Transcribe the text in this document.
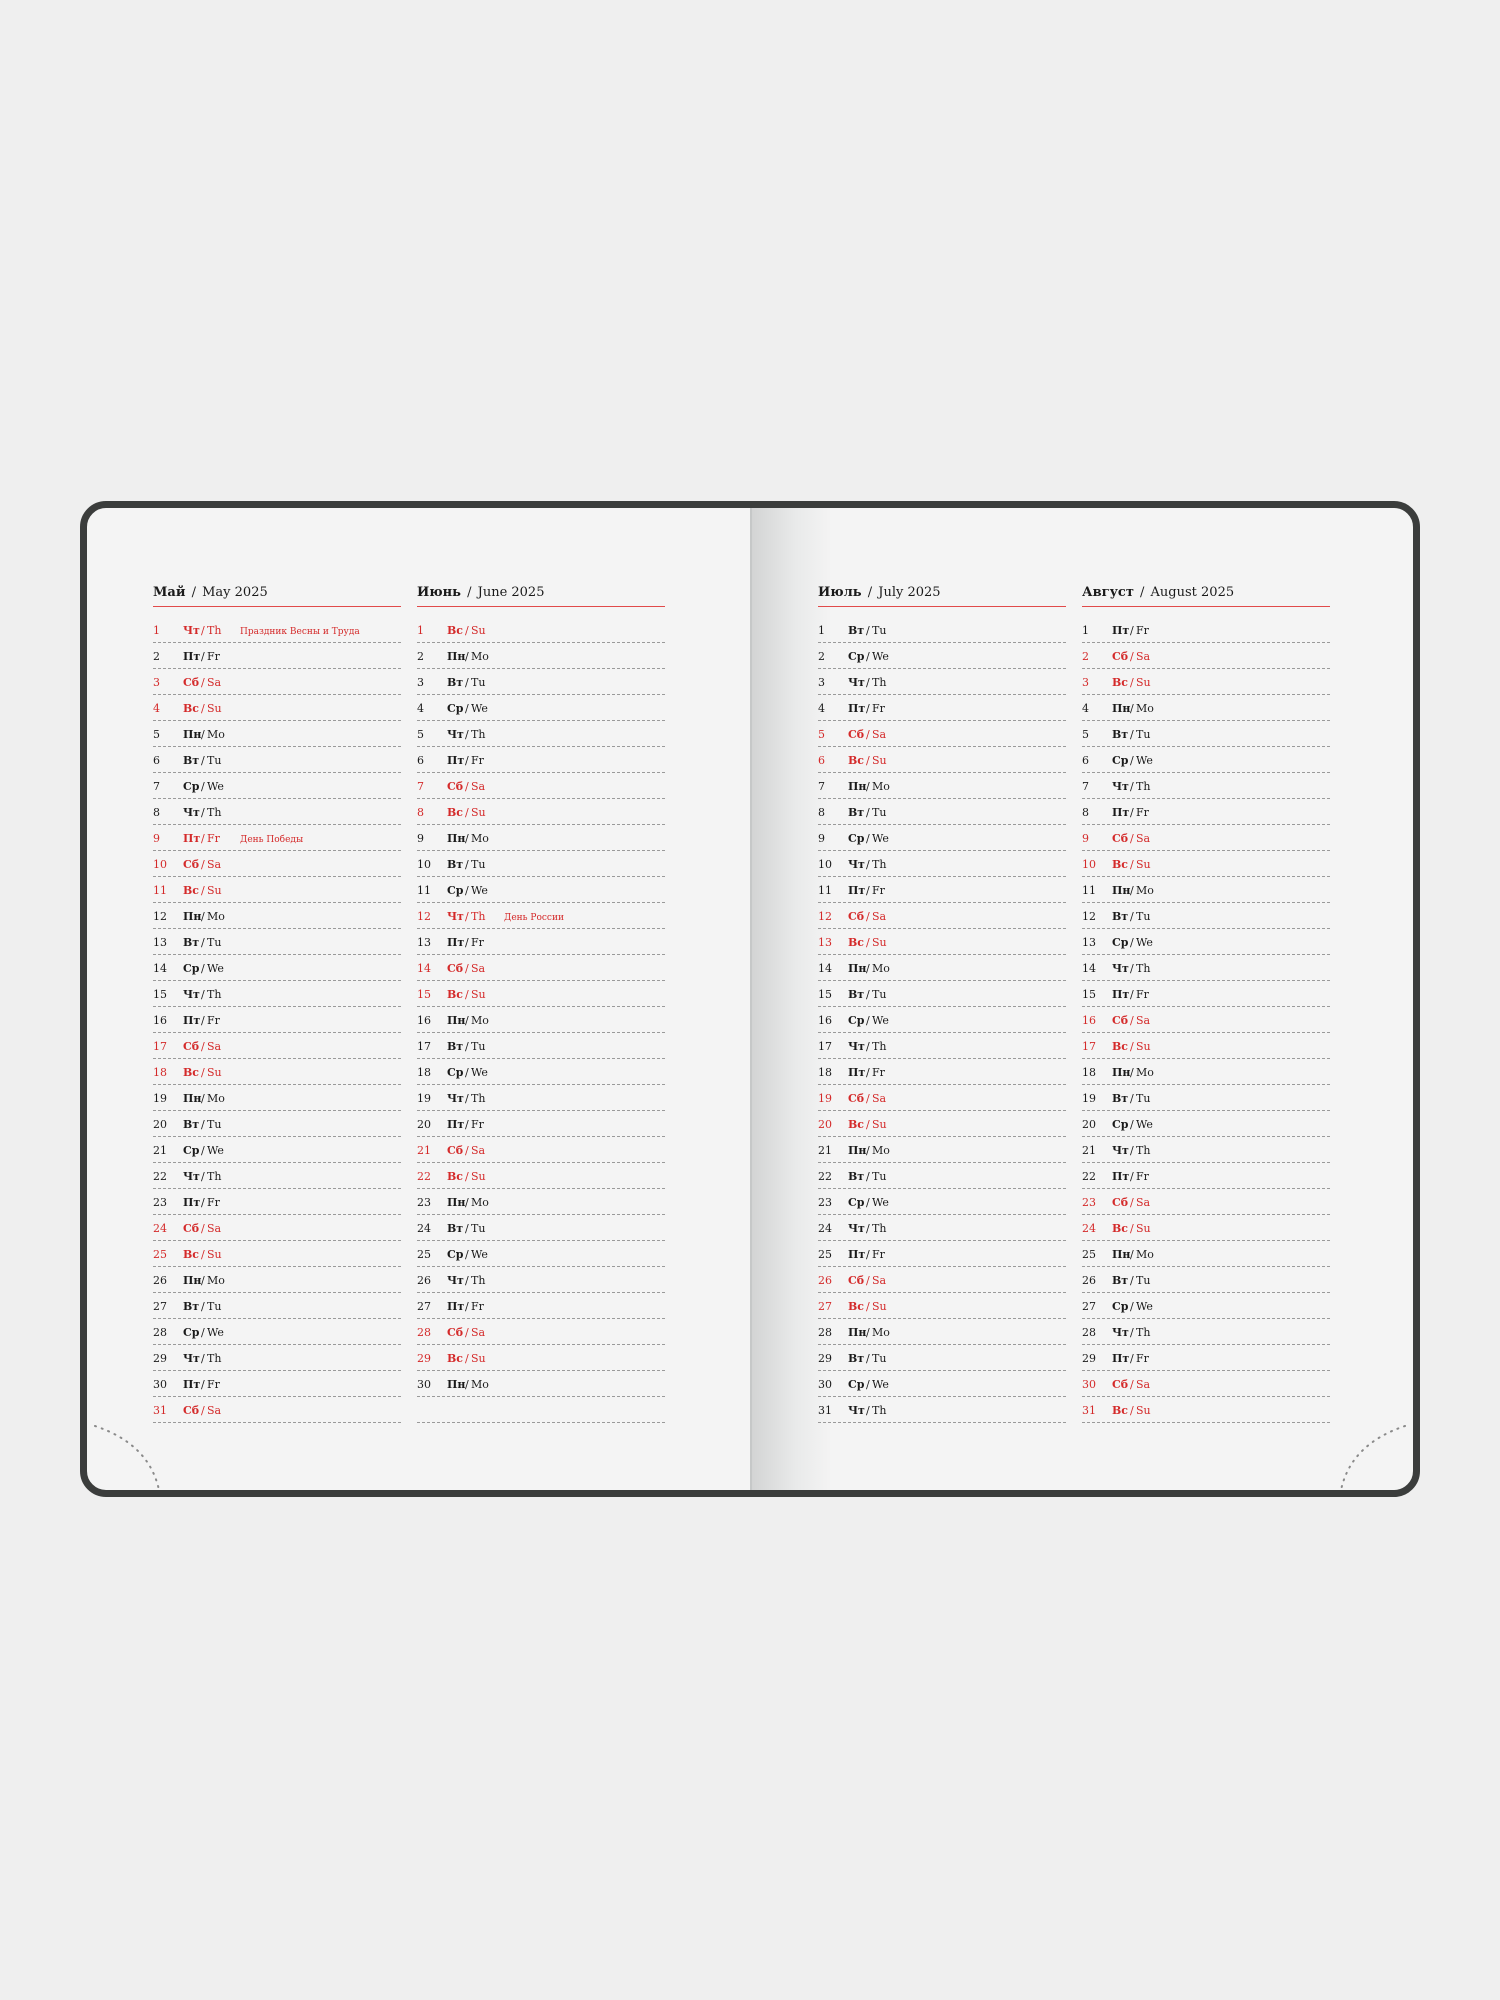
Май / May 2025
1 Чт / Th Праздник Весны и Труда
2 Пт / Fr
3 Сб / Sa
4 Вс / Su
5 Пн / Mo
6 Вт / Tu
7 Ср / We
8 Чт / Th
9 Пт / Fr День Победы
10 Сб / Sa
11 Вс / Su
12 Пн / Mo
13 Вт / Tu
14 Ср / We
15 Чт / Th
16 Пт / Fr
17 Сб / Sa
18 Вс / Su
19 Пн / Mo
20 Вт / Tu
21 Ср / We
22 Чт / Th
23 Пт / Fr
24 Сб / Sa
25 Вс / Su
26 Пн / Mo
27 Вт / Tu
28 Ср / We
29 Чт / Th
30 Пт / Fr
31 Сб / Sa
Июнь / June 2025
1 Вс / Su
2 Пн / Mo
3 Вт / Tu
4 Ср / We
5 Чт / Th
6 Пт / Fr
7 Сб / Sa
8 Вс / Su
9 Пн / Mo
10 Вт / Tu
11 Ср / We
12 Чт / Th День России
13 Пт / Fr
14 Сб / Sa
15 Вс / Su
16 Пн / Mo
17 Вт / Tu
18 Ср / We
19 Чт / Th
20 Пт / Fr
21 Сб / Sa
22 Вс / Su
23 Пн / Mo
24 Вт / Tu
25 Ср / We
26 Чт / Th
27 Пт / Fr
28 Сб / Sa
29 Вс / Su
30 Пн / Mo
Июль / July 2025
1 Вт / Tu
2 Ср / We
3 Чт / Th
4 Пт / Fr
5 Сб / Sa
6 Вс / Su
7 Пн / Mo
8 Вт / Tu
9 Ср / We
10 Чт / Th
11 Пт / Fr
12 Сб / Sa
13 Вс / Su
14 Пн / Mo
15 Вт / Tu
16 Ср / We
17 Чт / Th
18 Пт / Fr
19 Сб / Sa
20 Вс / Su
21 Пн / Mo
22 Вт / Tu
23 Ср / We
24 Чт / Th
25 Пт / Fr
26 Сб / Sa
27 Вс / Su
28 Пн / Mo
29 Вт / Tu
30 Ср / We
31 Чт / Th
Август / August 2025
1 Пт / Fr
2 Сб / Sa
3 Вс / Su
4 Пн / Mo
5 Вт / Tu
6 Ср / We
7 Чт / Th
8 Пт / Fr
9 Сб / Sa
10 Вс / Su
11 Пн / Mo
12 Вт / Tu
13 Ср / We
14 Чт / Th
15 Пт / Fr
16 Сб / Sa
17 Вс / Su
18 Пн / Mo
19 Вт / Tu
20 Ср / We
21 Чт / Th
22 Пт / Fr
23 Сб / Sa
24 Вс / Su
25 Пн / Mo
26 Вт / Tu
27 Ср / We
28 Чт / Th
29 Пт / Fr
30 Сб / Sa
31 Вс / Su
